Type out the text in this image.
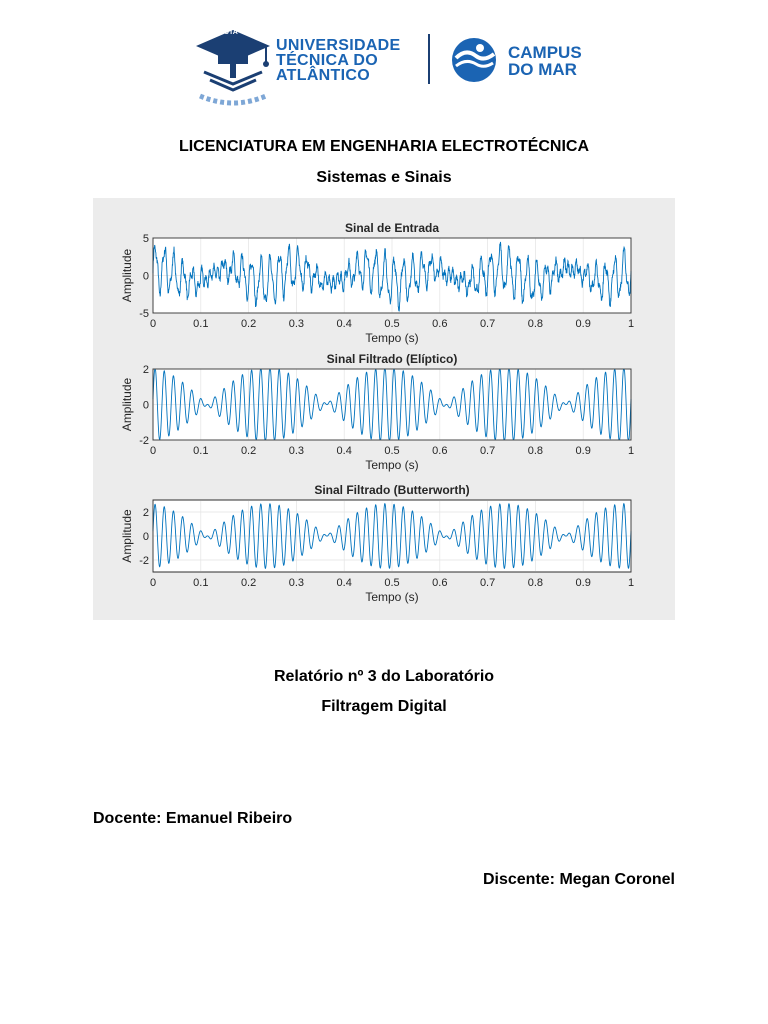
UTA
UNIVERSIDADE
TÉCNICA DO
ATLÂNTICO
CAMPUS
DO MAR
LICENCIATURA EM ENGENHARIA ELECTROTÉCNICA
Sistemas e Sinais
0	0.1	0.2	0.3	0.4	0.5	0.6	0.7	0.8	0.9	1
5
0
-5
Sinal de Entrada
Tempo (s)
Amplitude
0	0.1	0.2	0.3	0.4	0.5	0.6	0.7	0.8	0.9	1
2
0
-2
Sinal Filtrado (Elíptico)
Tempo (s)
Amplitude
0	0.1	0.2	0.3	0.4	0.5	0.6	0.7	0.8	0.9	1
2
0
-2
Sinal Filtrado (Butterworth)
Tempo (s)
Amplitude
Relatório nº 3 do Laboratório
Filtragem Digital
Docente: Emanuel Ribeiro
Discente: Megan Coronel
